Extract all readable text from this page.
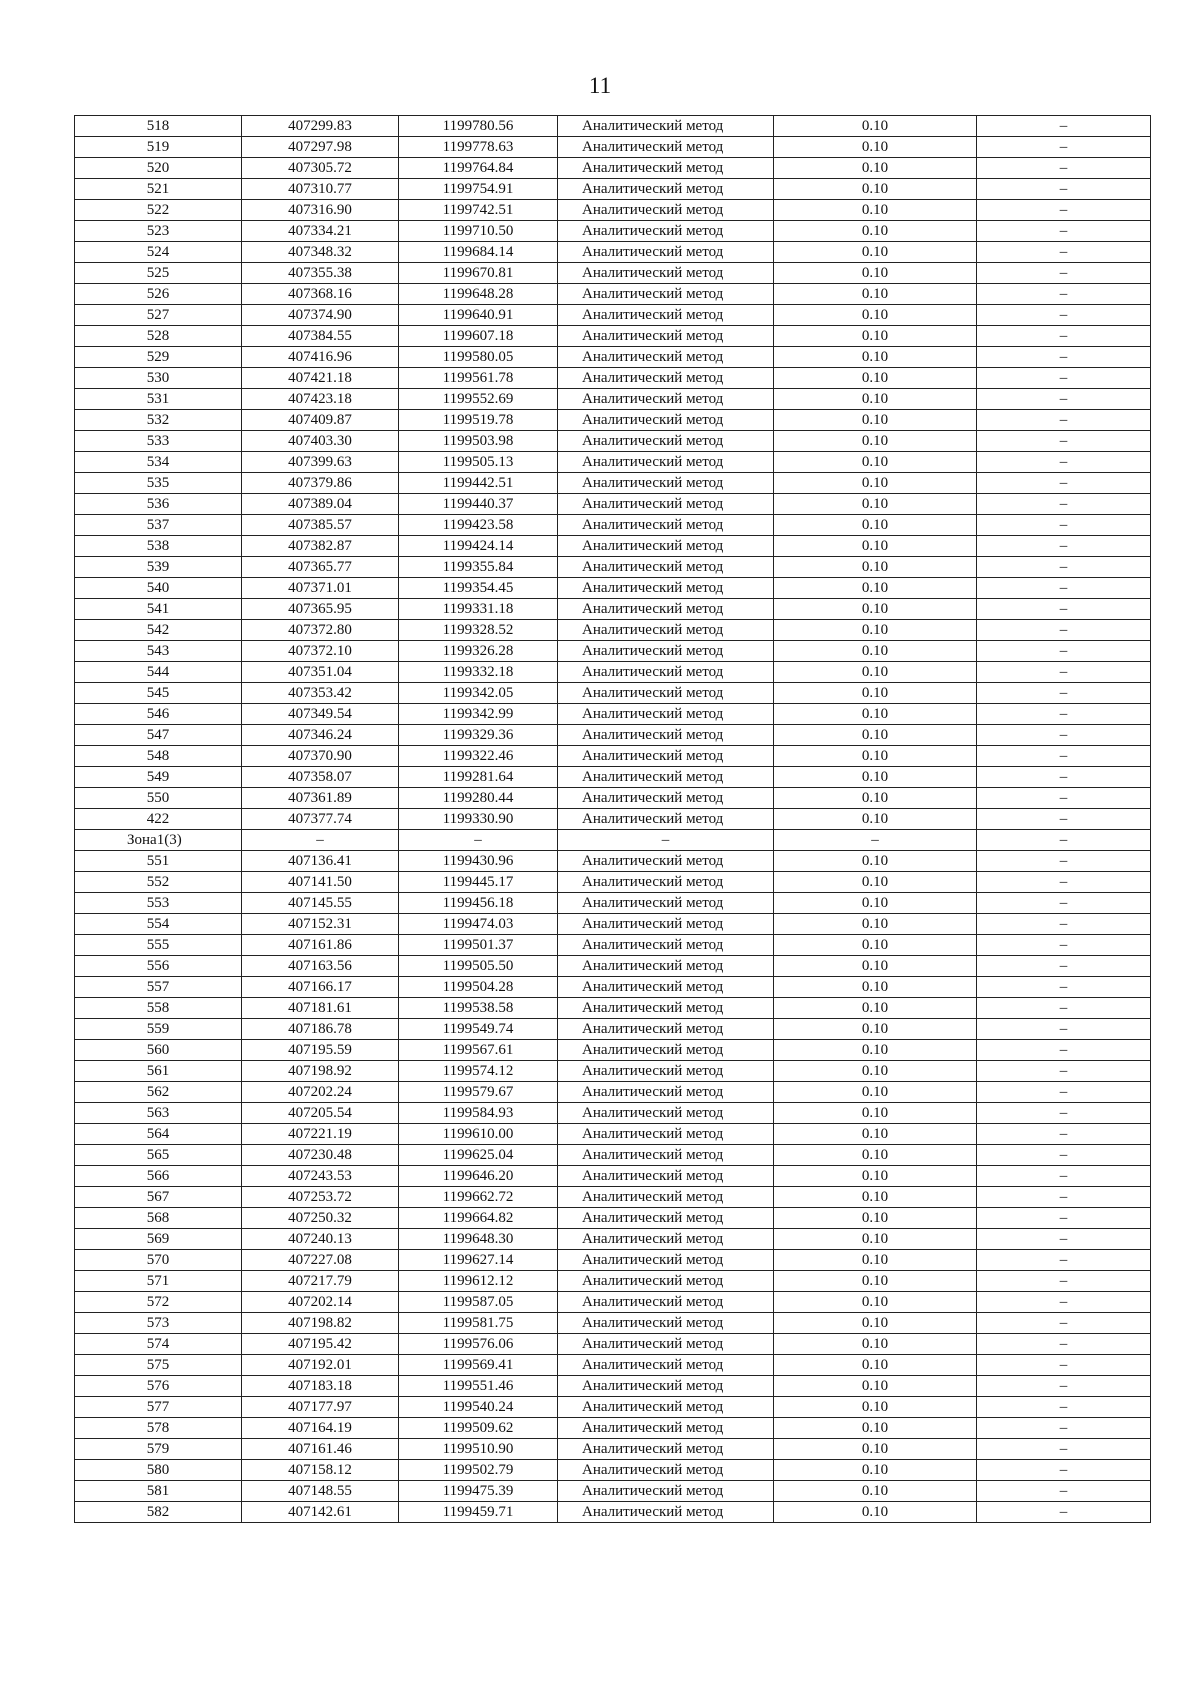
11
518	407299.83	1199780.56	Аналитический метод	0.10	–
519	407297.98	1199778.63	Аналитический метод	0.10	–
520	407305.72	1199764.84	Аналитический метод	0.10	–
521	407310.77	1199754.91	Аналитический метод	0.10	–
522	407316.90	1199742.51	Аналитический метод	0.10	–
523	407334.21	1199710.50	Аналитический метод	0.10	–
524	407348.32	1199684.14	Аналитический метод	0.10	–
525	407355.38	1199670.81	Аналитический метод	0.10	–
526	407368.16	1199648.28	Аналитический метод	0.10	–
527	407374.90	1199640.91	Аналитический метод	0.10	–
528	407384.55	1199607.18	Аналитический метод	0.10	–
529	407416.96	1199580.05	Аналитический метод	0.10	–
530	407421.18	1199561.78	Аналитический метод	0.10	–
531	407423.18	1199552.69	Аналитический метод	0.10	–
532	407409.87	1199519.78	Аналитический метод	0.10	–
533	407403.30	1199503.98	Аналитический метод	0.10	–
534	407399.63	1199505.13	Аналитический метод	0.10	–
535	407379.86	1199442.51	Аналитический метод	0.10	–
536	407389.04	1199440.37	Аналитический метод	0.10	–
537	407385.57	1199423.58	Аналитический метод	0.10	–
538	407382.87	1199424.14	Аналитический метод	0.10	–
539	407365.77	1199355.84	Аналитический метод	0.10	–
540	407371.01	1199354.45	Аналитический метод	0.10	–
541	407365.95	1199331.18	Аналитический метод	0.10	–
542	407372.80	1199328.52	Аналитический метод	0.10	–
543	407372.10	1199326.28	Аналитический метод	0.10	–
544	407351.04	1199332.18	Аналитический метод	0.10	–
545	407353.42	1199342.05	Аналитический метод	0.10	–
546	407349.54	1199342.99	Аналитический метод	0.10	–
547	407346.24	1199329.36	Аналитический метод	0.10	–
548	407370.90	1199322.46	Аналитический метод	0.10	–
549	407358.07	1199281.64	Аналитический метод	0.10	–
550	407361.89	1199280.44	Аналитический метод	0.10	–
422	407377.74	1199330.90	Аналитический метод	0.10	–
Зона1(3)	–	–	–	–	–
551	407136.41	1199430.96	Аналитический метод	0.10	–
552	407141.50	1199445.17	Аналитический метод	0.10	–
553	407145.55	1199456.18	Аналитический метод	0.10	–
554	407152.31	1199474.03	Аналитический метод	0.10	–
555	407161.86	1199501.37	Аналитический метод	0.10	–
556	407163.56	1199505.50	Аналитический метод	0.10	–
557	407166.17	1199504.28	Аналитический метод	0.10	–
558	407181.61	1199538.58	Аналитический метод	0.10	–
559	407186.78	1199549.74	Аналитический метод	0.10	–
560	407195.59	1199567.61	Аналитический метод	0.10	–
561	407198.92	1199574.12	Аналитический метод	0.10	–
562	407202.24	1199579.67	Аналитический метод	0.10	–
563	407205.54	1199584.93	Аналитический метод	0.10	–
564	407221.19	1199610.00	Аналитический метод	0.10	–
565	407230.48	1199625.04	Аналитический метод	0.10	–
566	407243.53	1199646.20	Аналитический метод	0.10	–
567	407253.72	1199662.72	Аналитический метод	0.10	–
568	407250.32	1199664.82	Аналитический метод	0.10	–
569	407240.13	1199648.30	Аналитический метод	0.10	–
570	407227.08	1199627.14	Аналитический метод	0.10	–
571	407217.79	1199612.12	Аналитический метод	0.10	–
572	407202.14	1199587.05	Аналитический метод	0.10	–
573	407198.82	1199581.75	Аналитический метод	0.10	–
574	407195.42	1199576.06	Аналитический метод	0.10	–
575	407192.01	1199569.41	Аналитический метод	0.10	–
576	407183.18	1199551.46	Аналитический метод	0.10	–
577	407177.97	1199540.24	Аналитический метод	0.10	–
578	407164.19	1199509.62	Аналитический метод	0.10	–
579	407161.46	1199510.90	Аналитический метод	0.10	–
580	407158.12	1199502.79	Аналитический метод	0.10	–
581	407148.55	1199475.39	Аналитический метод	0.10	–
582	407142.61	1199459.71	Аналитический метод	0.10	–
